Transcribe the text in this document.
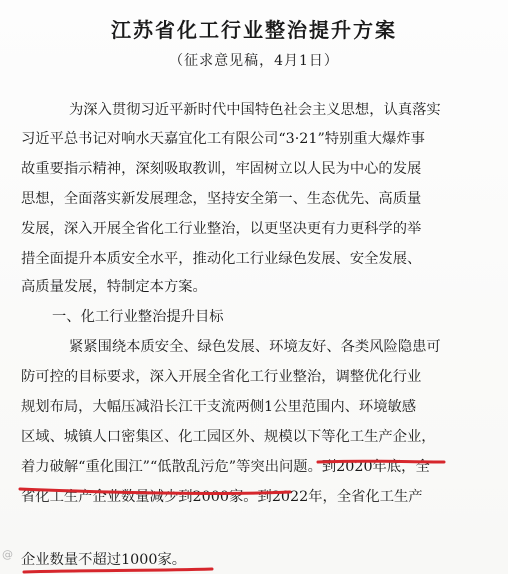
江苏省化工行业整治提升方案
（征求意见稿，4月1日）
为深入贯彻习近平新时代中国特色社会主义思想，认真落实
习近平总书记对响水天嘉宜化工有限公司“3·21”特别重大爆炸事
故重要指示精神，深刻吸取教训，牢固树立以人民为中心的发展
思想，全面落实新发展理念，坚持安全第一、生态优先、高质量
发展，深入开展全省化工行业整治，以更坚决更有力更科学的举
措全面提升本质安全水平，推动化工行业绿色发展、安全发展、
高质量发展，特制定本方案。
一、化工行业整治提升目标
紧紧围绕本质安全、绿色发展、环境友好、各类风险隐患可
防可控的目标要求，深入开展全省化工行业整治，调整优化行业
规划布局，大幅压减沿长江干支流两侧1公里范围内、环境敏感
区域、城镇人口密集区、化工园区外、规模以下等化工生产企业，
着力破解“重化围江”“低散乱污危”等突出问题。到2020年底，全
省化工生产企业数量减少到2000家。到2022年，全省化工生产
企业数量不超过1000家。
@
